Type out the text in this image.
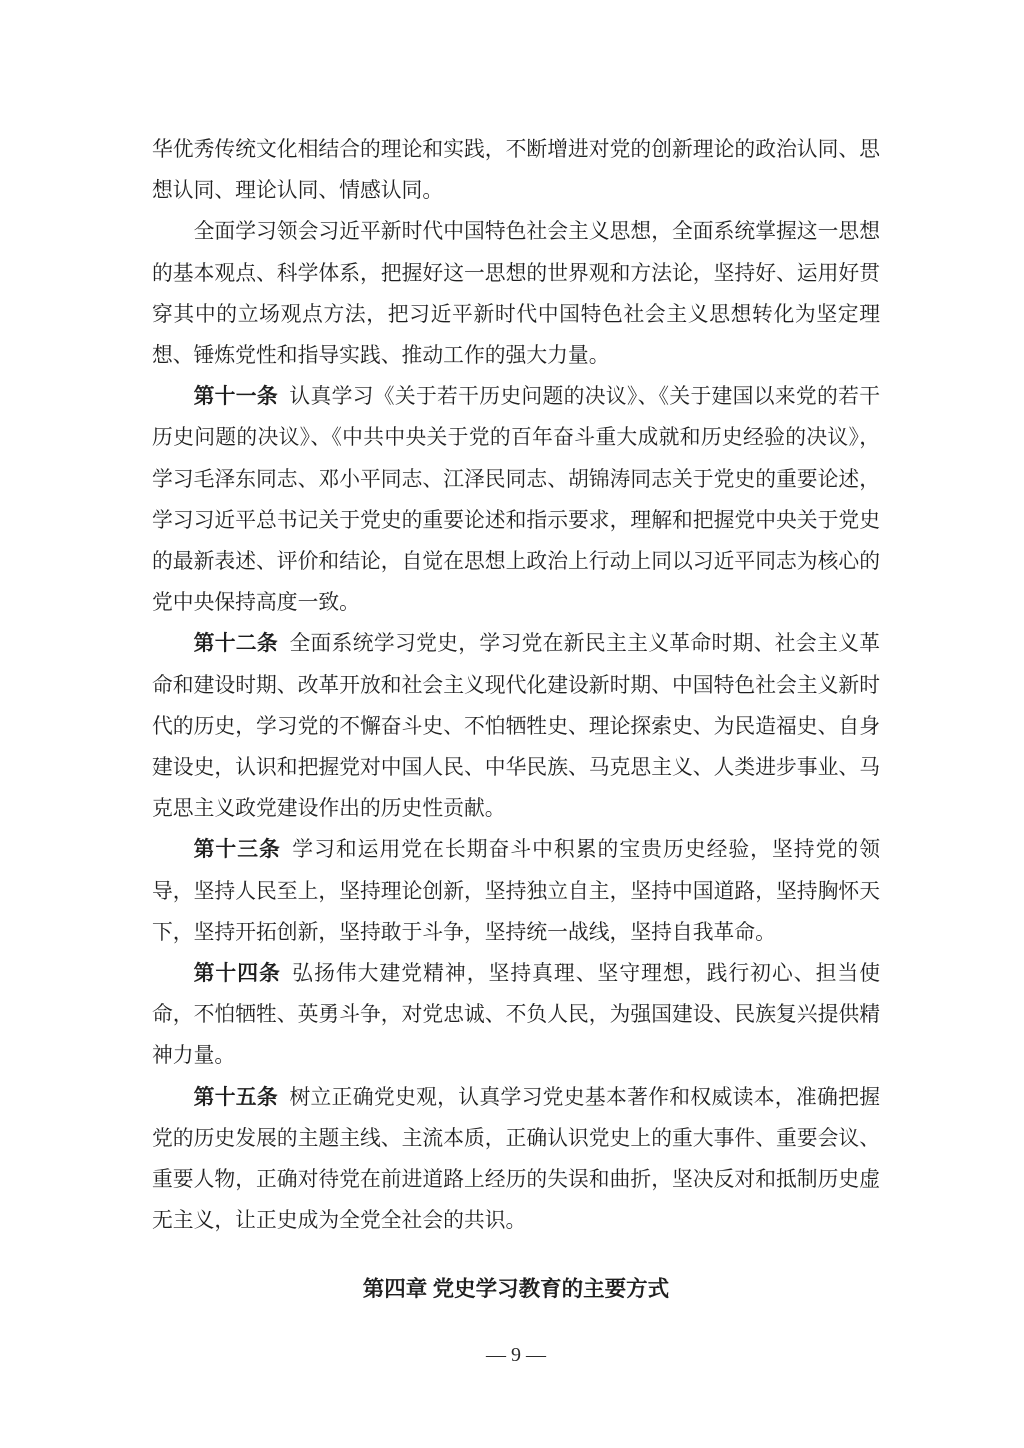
华优秀传统文化相结合的理论和实践，不断增进对党的创新理论的政治认同、思想认同、理论认同、情感认同。

全面学习领会习近平新时代中国特色社会主义思想，全面系统掌握这一思想的基本观点、科学体系，把握好这一思想的世界观和方法论，坚持好、运用好贯穿其中的立场观点方法，把习近平新时代中国特色社会主义思想转化为坚定理想、锤炼党性和指导实践、推动工作的强大力量。

第十一条 认真学习《关于若干历史问题的决议》、《关于建国以来党的若干历史问题的决议》、《中共中央关于党的百年奋斗重大成就和历史经验的决议》，学习毛泽东同志、邓小平同志、江泽民同志、胡锦涛同志关于党史的重要论述，学习习近平总书记关于党史的重要论述和指示要求，理解和把握党中央关于党史的最新表述、评价和结论，自觉在思想上政治上行动上同以习近平同志为核心的党中央保持高度一致。

第十二条 全面系统学习党史，学习党在新民主主义革命时期、社会主义革命和建设时期、改革开放和社会主义现代化建设新时期、中国特色社会主义新时代的历史，学习党的不懈奋斗史、不怕牺牲史、理论探索史、为民造福史、自身建设史，认识和把握党对中国人民、中华民族、马克思主义、人类进步事业、马克思主义政党建设作出的历史性贡献。

第十三条 学习和运用党在长期奋斗中积累的宝贵历史经验，坚持党的领导，坚持人民至上，坚持理论创新，坚持独立自主，坚持中国道路，坚持胸怀天下，坚持开拓创新，坚持敢于斗争，坚持统一战线，坚持自我革命。

第十四条 弘扬伟大建党精神，坚持真理、坚守理想，践行初心、担当使命，不怕牺牲、英勇斗争，对党忠诚、不负人民，为强国建设、民族复兴提供精神力量。

第十五条 树立正确党史观，认真学习党史基本著作和权威读本，准确把握党的历史发展的主题主线、主流本质，正确认识党史上的重大事件、重要会议、重要人物，正确对待党在前进道路上经历的失误和曲折，坚决反对和抵制历史虚无主义，让正史成为全党全社会的共识。

第四章 党史学习教育的主要方式
— 9 —
